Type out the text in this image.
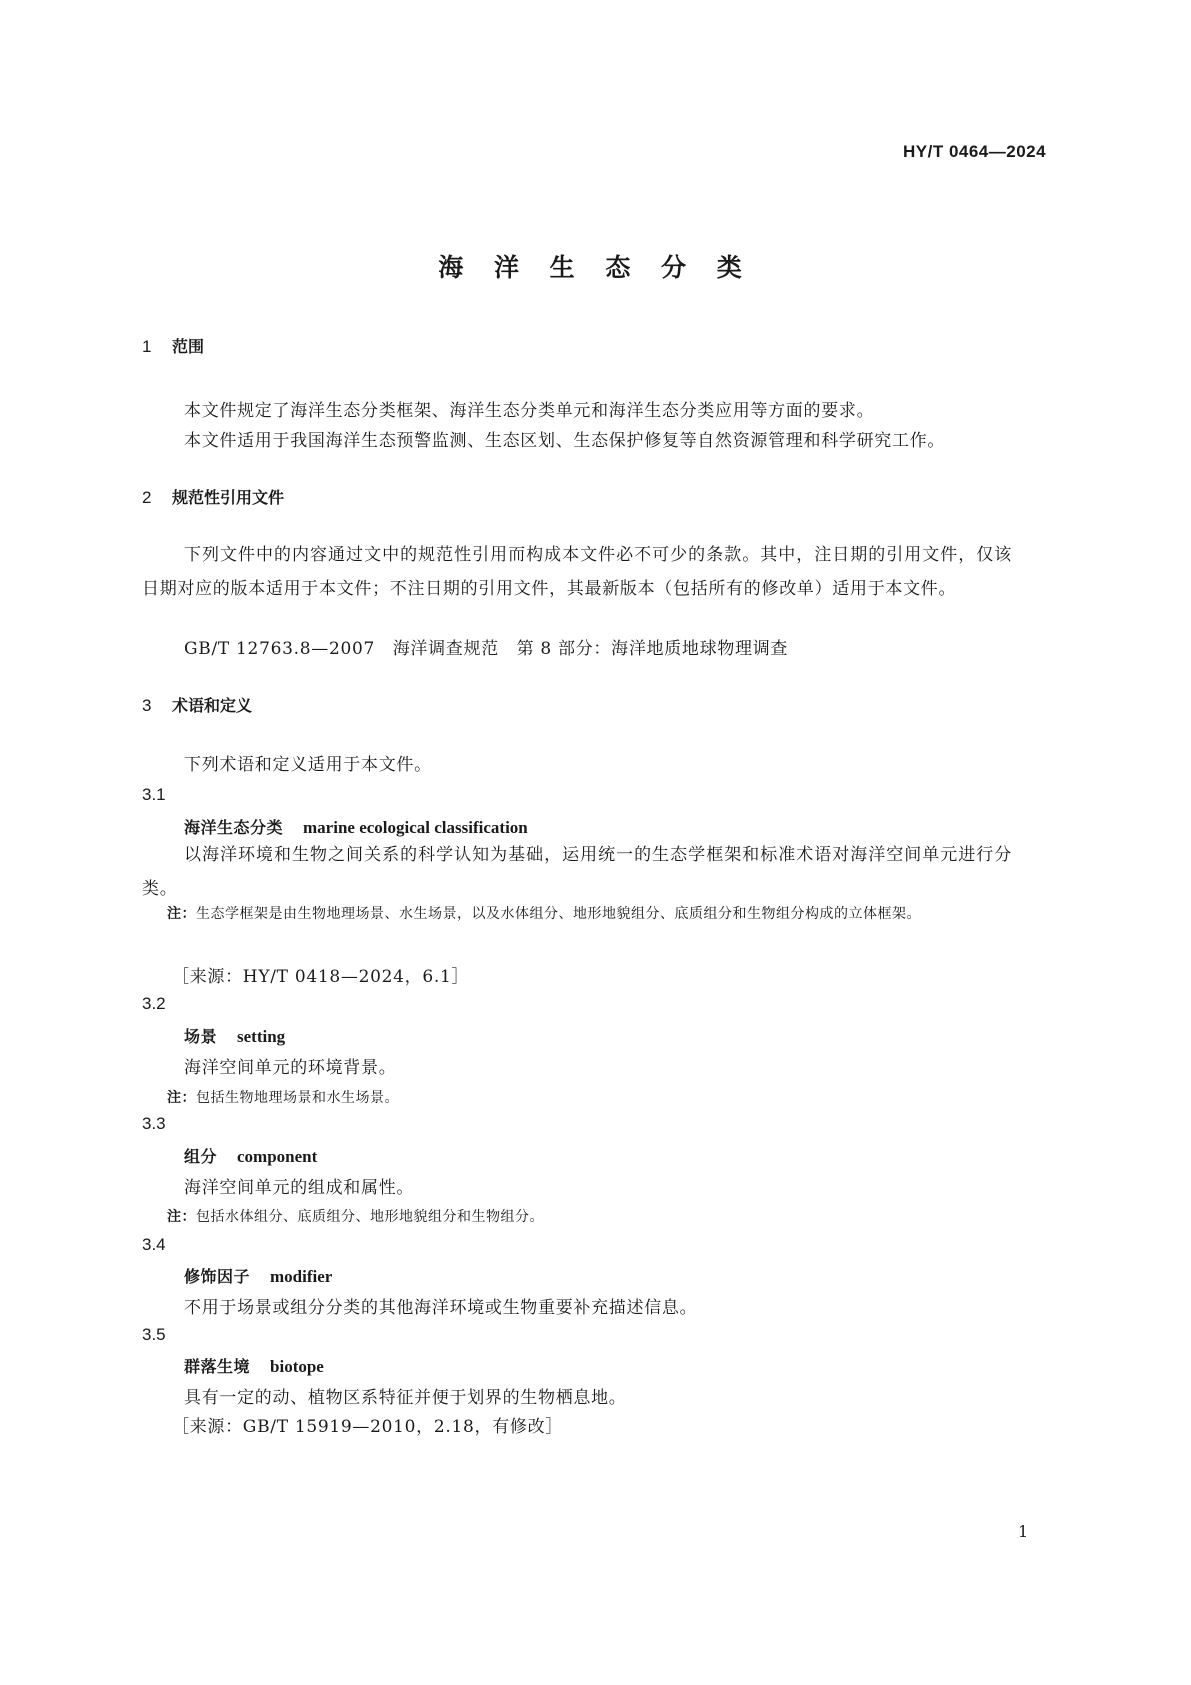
HY/T 0464—2024
海 洋 生 态 分 类
1 范围
本文件规定了海洋生态分类框架、海洋生态分类单元和海洋生态分类应用等方面的要求。
本文件适用于我国海洋生态预警监测、生态区划、生态保护修复等自然资源管理和科学研究工作。
2 规范性引用文件
下列文件中的内容通过文中的规范性引用而构成本文件必不可少的条款。其中，注日期的引用文件，仅该日期对应的版本适用于本文件；不注日期的引用文件，其最新版本（包括所有的修改单）适用于本文件。
GB/T 12763.8—2007　海洋调查规范　第 8 部分：海洋地质地球物理调查
3 术语和定义
下列术语和定义适用于本文件。
3.1
海洋生态分类 marine ecological classification
以海洋环境和生物之间关系的科学认知为基础，运用统一的生态学框架和标准术语对海洋空间单元进行分类。
注：生态学框架是由生物地理场景、水生场景，以及水体组分、地形地貌组分、底质组分和生物组分构成的立体框架。
［来源：HY/T 0418—2024，6.1］
3.2
场景 setting
海洋空间单元的环境背景。
注：包括生物地理场景和水生场景。
3.3
组分 component
海洋空间单元的组成和属性。
注：包括水体组分、底质组分、地形地貌组分和生物组分。
3.4
修饰因子 modifier
不用于场景或组分分类的其他海洋环境或生物重要补充描述信息。
3.5
群落生境 biotope
具有一定的动、植物区系特征并便于划界的生物栖息地。
［来源：GB/T 15919—2010，2.18，有修改］
1
